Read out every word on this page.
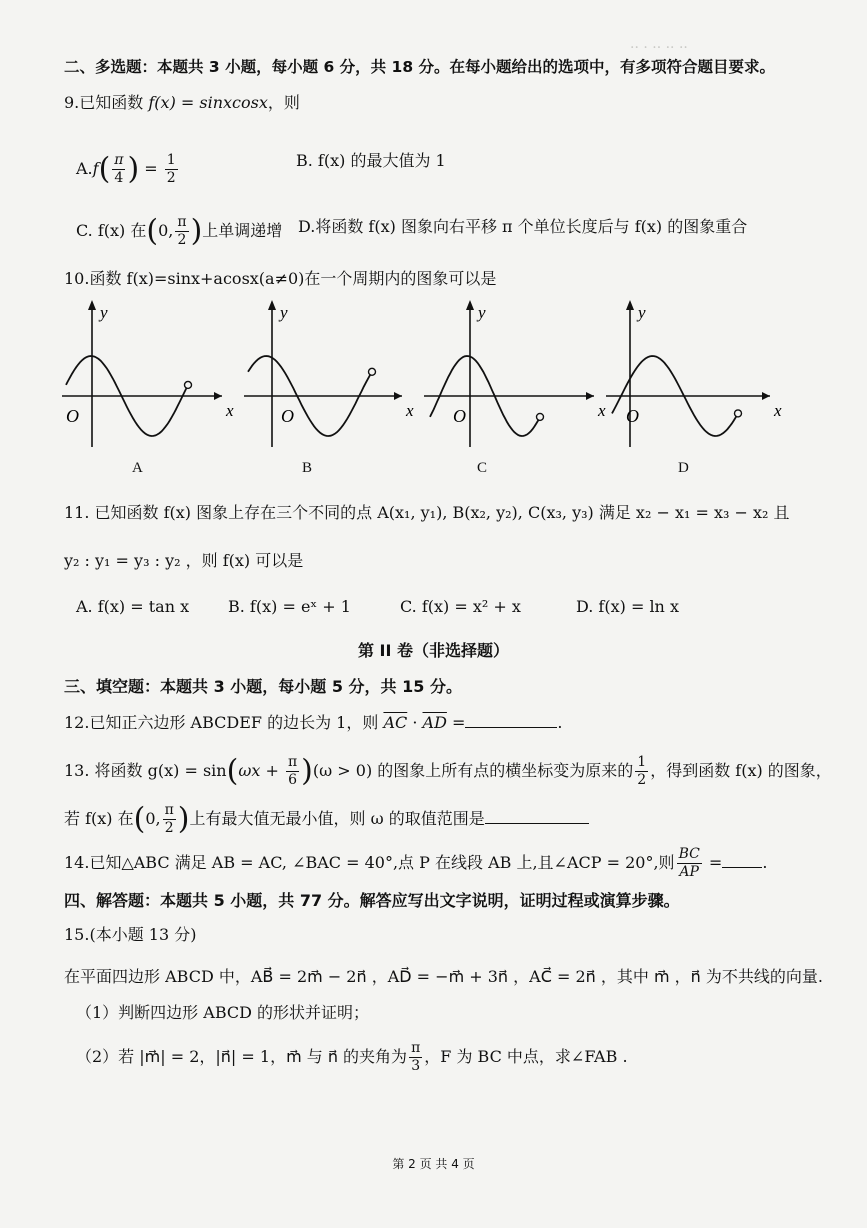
·· · ·· ·· ··
二、多选题：本题共 3 小题，每小题 6 分，共 18 分。在每小题给出的选项中，有多项符合题目要求。
9.已知函数 f(x) = sinxcosx，则
$A.f( \frac{\pi}{4}$ ) = $\frac{1}{2}$	B. f(x) 的最大值为 1
C. f(x) 在(0, $\frac{\pi}{2}$ )上单调递增 D.将函数 f(x) 图象向右平移 π 个单位长度后与 f(x) 的图象重合
10.函数 f(x)=sinx+acosx(a≠0)在一个周期内的图象可以是
y
x
O
y
x
O
y
x
O
y
x
O
A	B	C	D
11. 已知函数 f(x) 图象上存在三个不同的点 A(x₁, y₁), B(x₂, y₂), C(x₃, y₃) 满足 x₂ − x₁ = x₃ − x₂ 且
y₂ : y₁ = y₃ : y₂ ，则 f(x) 可以是
A. f(x) = tan x B. f(x) = eˣ + 1	C. f(x) = x² + x	D. f(x) = ln x
第 II 卷（非选择题）
三、填空题：本题共 3 小题，每小题 5 分，共 15 分。
12.已知正六边形 ABCDEF 的边长为 1，则 $\overline{AC} \cdot \overline{AD}$ =	.
13. 将函数 $g(x) = \sin(\omega x + \frac{\pi}{6} )(\omega > 0)$ 的图象上所有点的横坐标变为原来的 $\frac{1}{2}$ ，得到函数 f(x) 的图象，
若 f(x) 在(0, $\frac{\pi}{2}$ )上有最大值无最小值，则 ω 的取值范围是
14.已知△ABC 满足 AB = AC, ∠BAC = 40°,点 P 在线段 AB 上,且∠ACP = 20°,则 $\frac{BC}{AP}$ =	.
四、解答题：本题共 5 小题，共 77 分。解答应写出文字说明，证明过程或演算步骤。
15.(本小题 13 分)
在平面四边形 ABCD 中，AB⃗ = 2m⃗ − 2n⃗ ，AD⃗ = −m⃗ + 3n⃗ ，AC⃗ = 2n⃗ ，其中 m⃗ ，n⃗ 为不共线的向量.
（1）判断四边形 ABCD 的形状并证明；
（2）若 |m⃗| = 2，|n⃗| = 1，m⃗ 与 n⃗ 的夹角为 $\frac{\pi}{3}$ ，F 为 BC 中点，求∠FAB .
第 2 页 共 4 页
